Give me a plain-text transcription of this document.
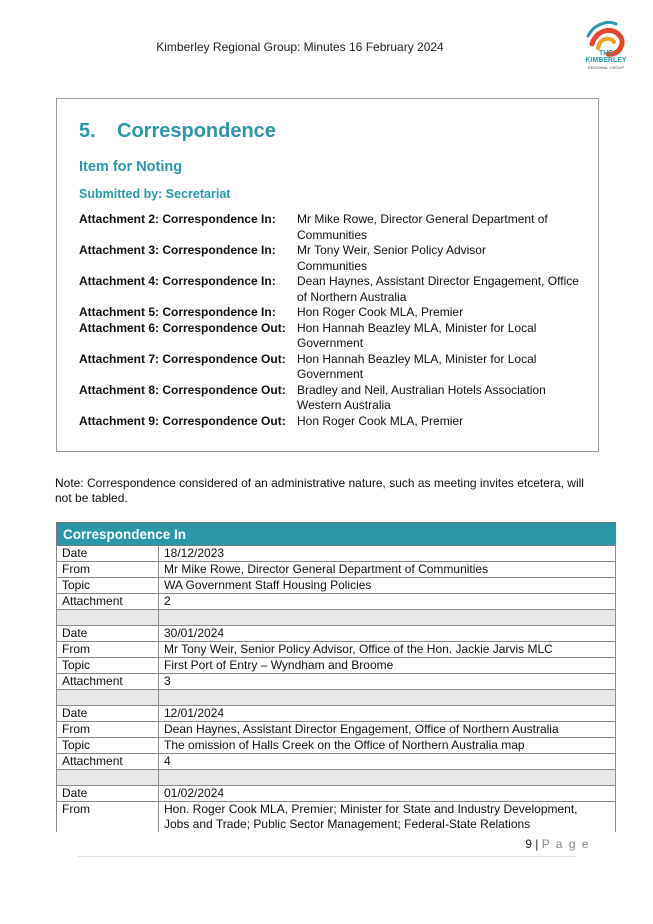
Kimberley Regional Group: Minutes 16 February 2024	THE KIMBERLEY
REGIONAL GROUP
5. Correspondence
Item for Noting
Submitted by: Secretariat
Attachment 2: Correspondence In:	Mr Mike Rowe, Director General Department of
Communities
Attachment 3: Correspondence In:	Mr Tony Weir, Senior Policy Advisor
Communities
Attachment 4: Correspondence In:	Dean Haynes, Assistant Director Engagement, Office
of Northern Australia
Attachment 5: Correspondence In:	Hon Roger Cook MLA, Premier
Attachment 6: Correspondence Out: Hon Hannah Beazley MLA, Minister for Local
Government
Attachment 7: Correspondence Out: Hon Hannah Beazley MLA, Minister for Local
Government
Attachment 8: Correspondence Out: Bradley and Neil, Australian Hotels Association
Western Australia
Attachment 9: Correspondence Out: Hon Roger Cook MLA, Premier
Note: Correspondence considered of an administrative nature, such as meeting invites etcetera, will not be tabled.
Correspondence In	
Date	18/12/2023
From	Mr Mike Rowe, Director General Department of Communities
Topic	WA Government Staff Housing Policies
Attachment	2

Date	30/01/2024
From	Mr Tony Weir, Senior Policy Advisor, Office of the Hon. Jackie Jarvis MLC
Topic	First Port of Entry – Wyndham and Broome
Attachment	3

Date	12/01/2024
From	Dean Haynes, Assistant Director Engagement, Office of Northern Australia
Topic	The omission of Halls Creek on the Office of Northern Australia map
Attachment	4

Date	01/02/2024
From	Hon. Roger Cook MLA, Premier; Minister for State and Industry Development,
Jobs and Trade; Public Sector Management; Federal-State Relations
9 | P a g e
